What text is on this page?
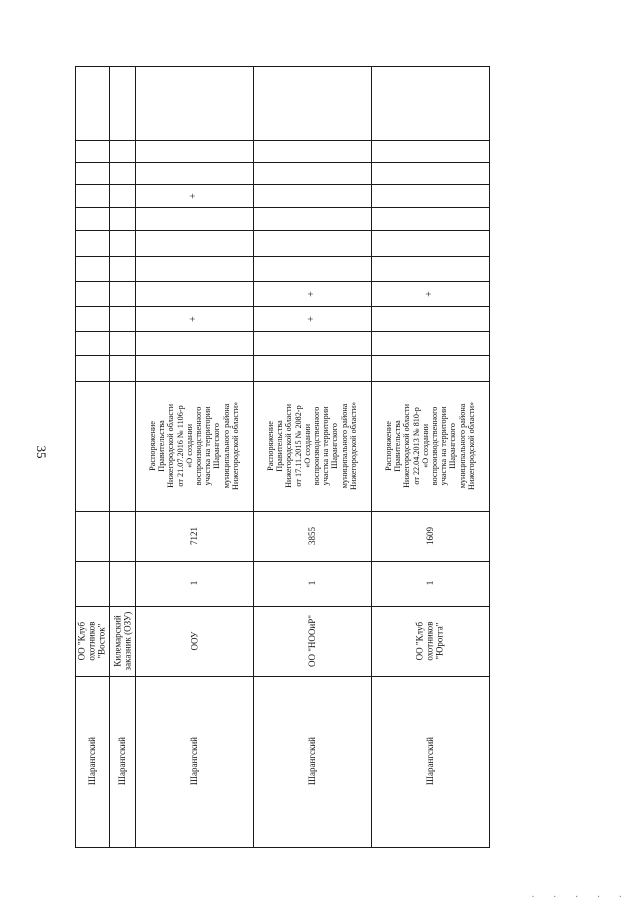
35
Шарангский
ОО "Клуб
охотников
"Восток"
Шарангский
Килемарский
заказник (ОЗУ)
Шарангский
ООУ
1
7121
Распоряжение Правительства Нижегородской области от 21.07.2016 № 1106-р «О создании воспроизводственного участка на территории Шарангского муниципального района Нижегородской области»
+
+
Шарангский
ОО "НООиР"
1
3855
Распоряжение Правительства Нижегородской области от 17.11.2015 № 2082-р «О создании воспроизводственного участка на территории Шарангского муниципального района Нижегородской области»
+
+
Шарангский
ОО "Клуб
охотников
"Юрогга"
1
1609
Распоряжение Правительства Нижегородской области от 22.04.2013 № 810-р «О создании воспроизводственного участка на территории Шарангского муниципального района Нижегородской области»
+
· · · · ·
